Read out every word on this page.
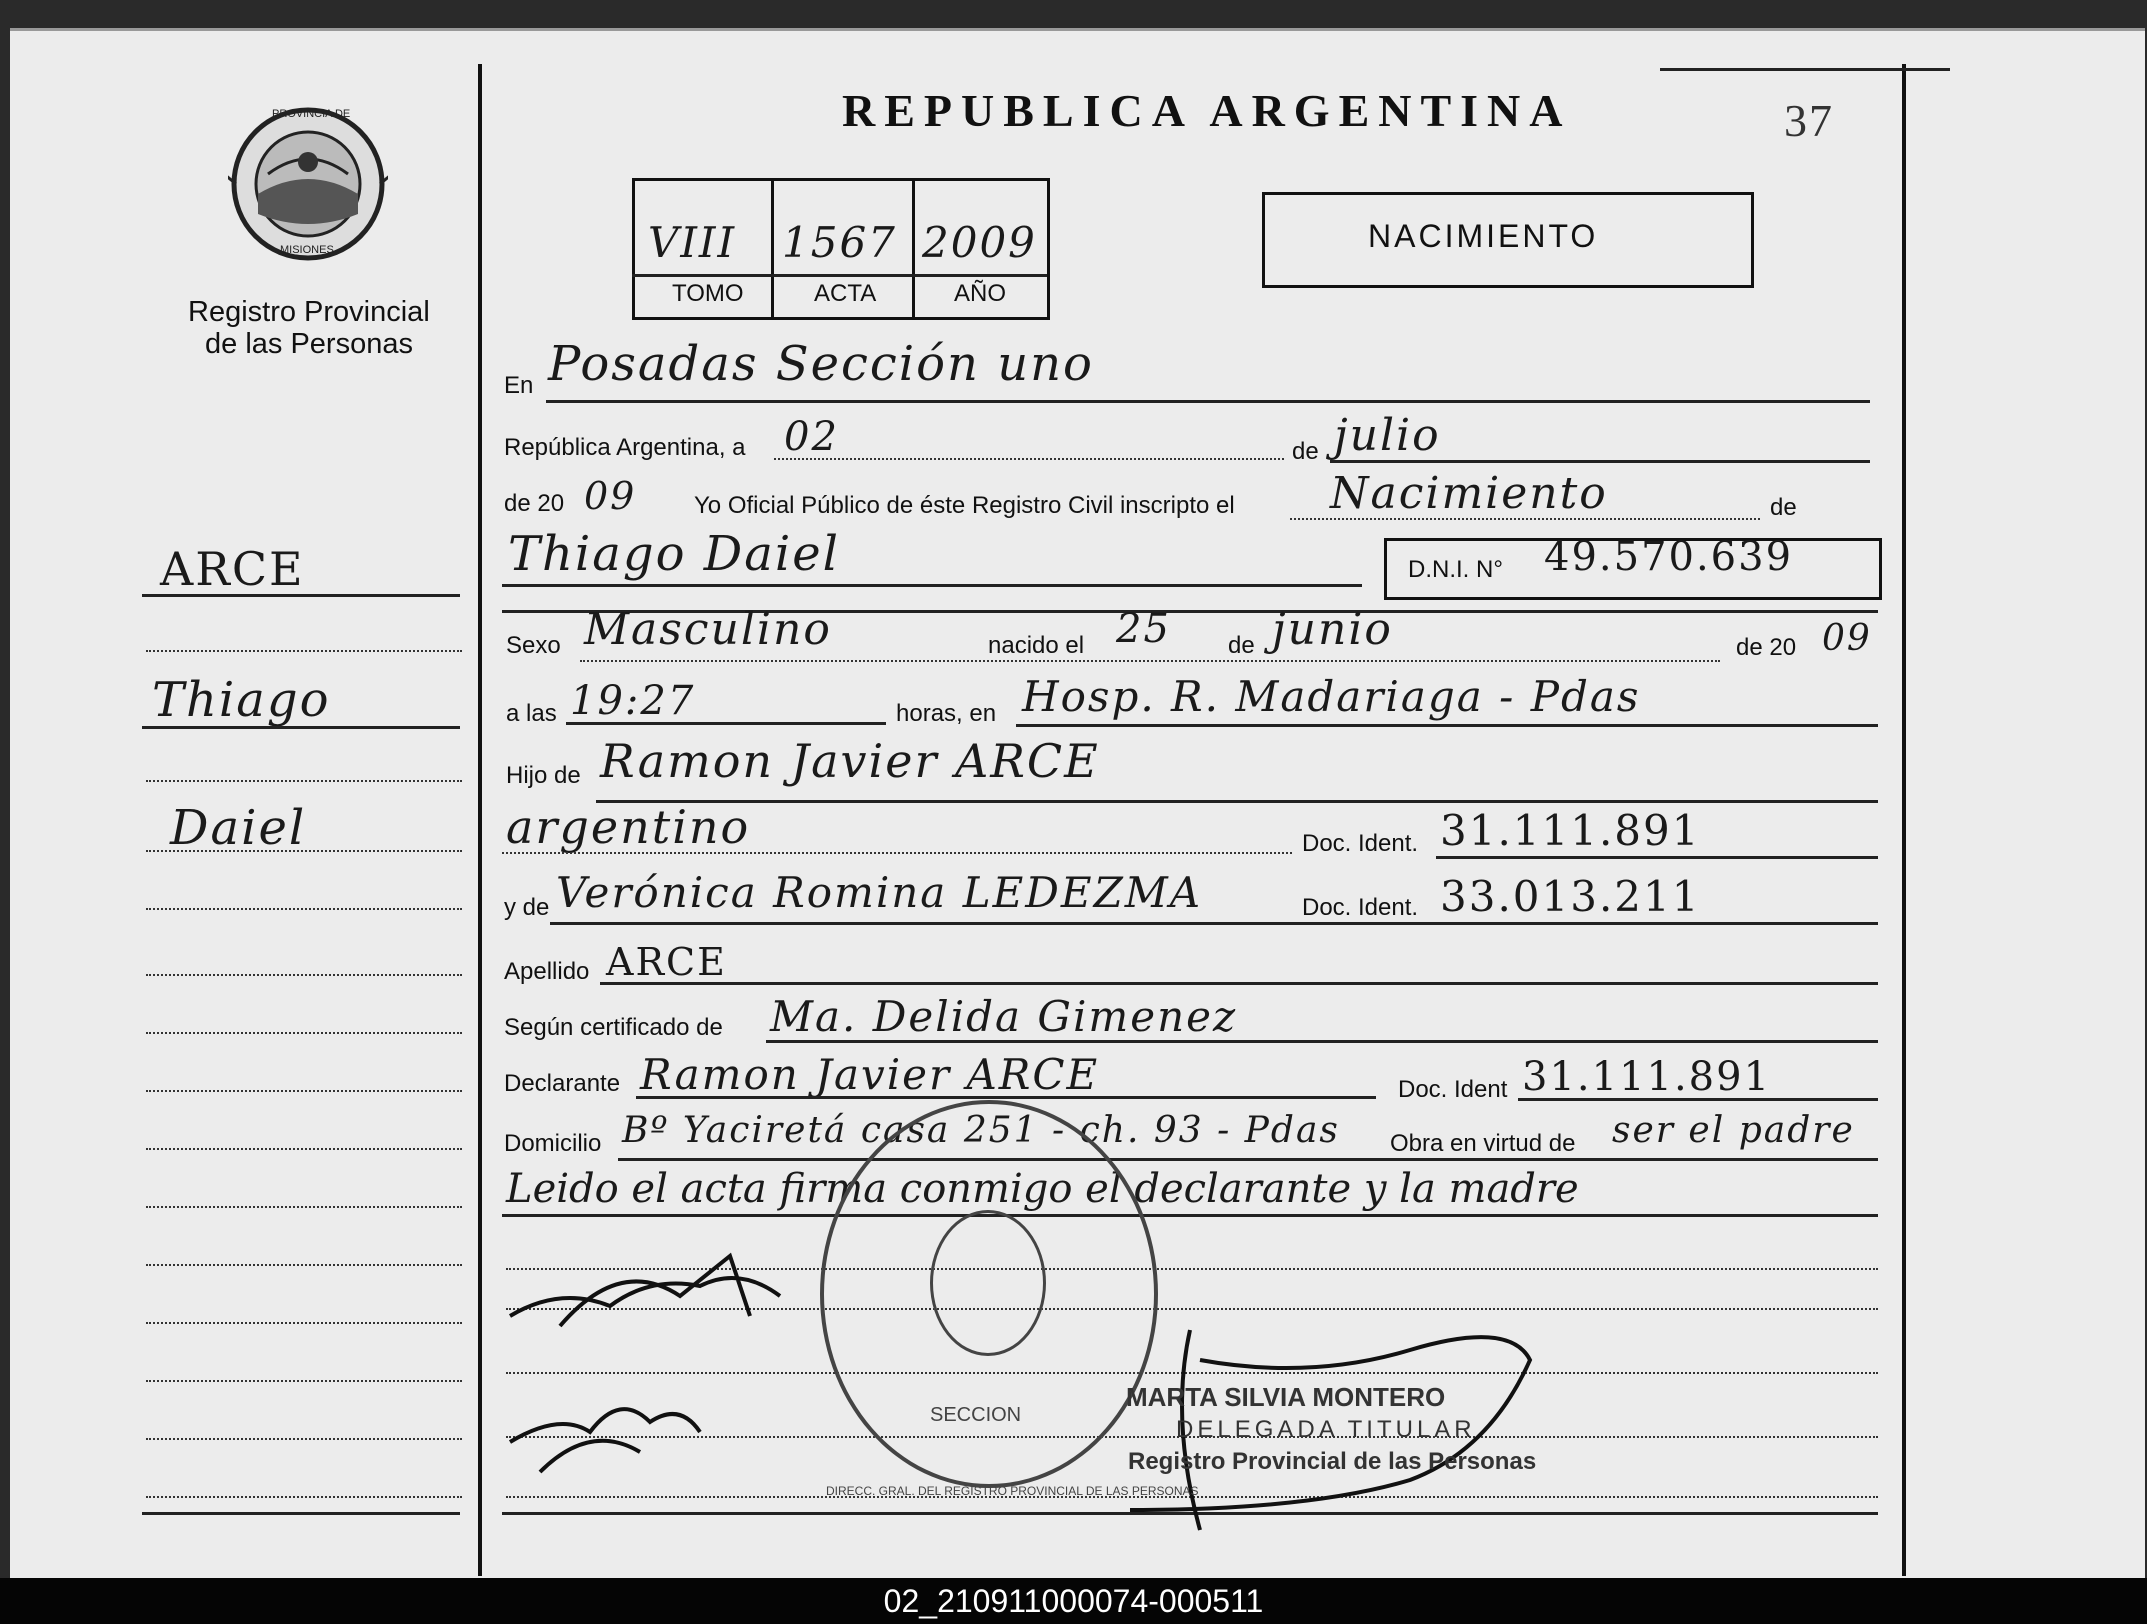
PROVINCIA DE
MISIONES
Registro Provincial
de las Personas
REPUBLICA ARGENTINA	37
VIII 1567 2009
TOMO	ACTA	AÑO
NACIMIENTO
ARCE
Thiago
Daiel
En Posadas Sección uno
República Argentina, a 02	de julio
de 20 09 Yo Oficial Público de éste Registro Civil inscripto el Nacimiento	de
Thiago Daiel	D.N.I. N° 49.570.639
Sexo Masculino	nacido el 25 de junio	de 20 09
a las 19:27	horas, en Hosp. R. Madariaga - Pdas
Hijo de Ramon Javier ARCE
argentino	Doc. Ident. 31.111.891
y de Verónica Romina LEDEZMA	Doc. Ident. 33.013.211
Apellido ARCE
Según certificado de Ma. Delida Gimenez
Declarante Ramon Javier ARCE	Doc. Ident 31.111.891
Domicilio Bº Yaciretá casa 251 - ch. 93 - Pdas Obra en virtud de ser el padre
Leido el acta firma conmigo el declarante y la madre
DIRECC. GRAL. DEL REGISTRO PROVINCIAL DE LAS PERSONAS
SECCION
MARTA SILVIA MONTERO
DELEGADA TITULAR
Registro Provincial de las Personas
02_210911000074-000511
